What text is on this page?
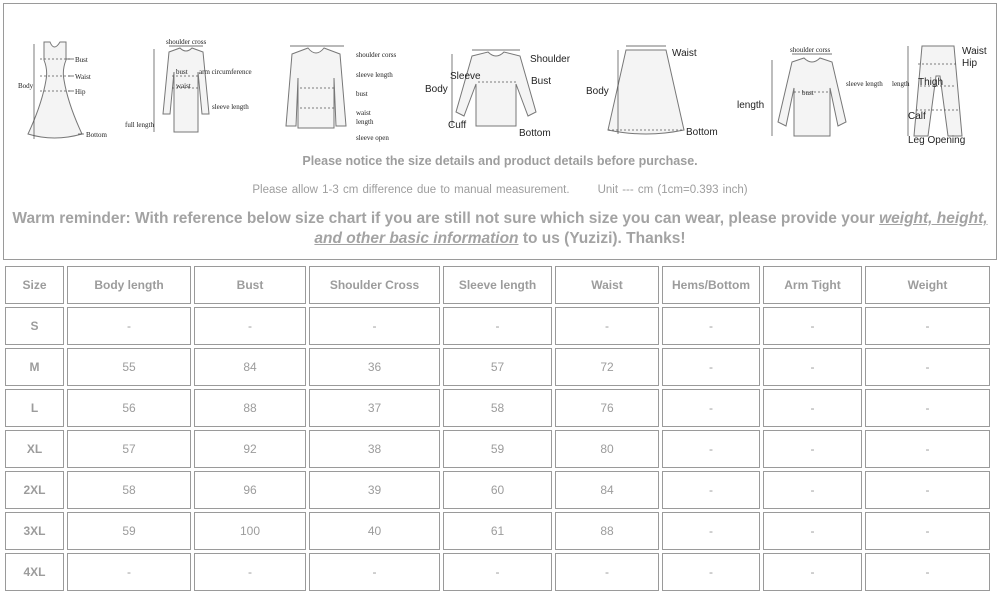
Bust
Waist
Hip
Body
Bottom
shoulder cross
bust arm circumference
waist
sleeve length
full length
shoulder corss
sleeve length
bust
waist
length
sleeve open
Shoulder
Sleeve	Bust
Body
Cuff
Bottom
Waist
Body
Bottom
shoulder corss
sleeve length
bust
length
Waist
Hip
length Thigh
Calf
Leg Opening
Please notice the size details and product details before purchase.
Please allow 1-3 cm difference due to manual measurement. Unit --- cm (1cm=0.393 inch)
Warm reminder: With reference below size chart if you are still not sure which size you can wear, please provide your weight, height, and other basic information to us (Yuzizi). Thanks!
Size	Body length	Bust	Shoulder Cross	Sleeve length	Waist	Hems/Bottom	Arm Tight	Weight
S	-	-	-	-	-	-	-	-
M	55	84	36	57	72	-	-	-
L	56	88	37	58	76	-	-	-
XL	57	92	38	59	80	-	-	-
2XL	58	96	39	60	84	-	-	-
3XL	59	100	40	61	88	-	-	-
4XL	-	-	-	-	-	-	-	-
